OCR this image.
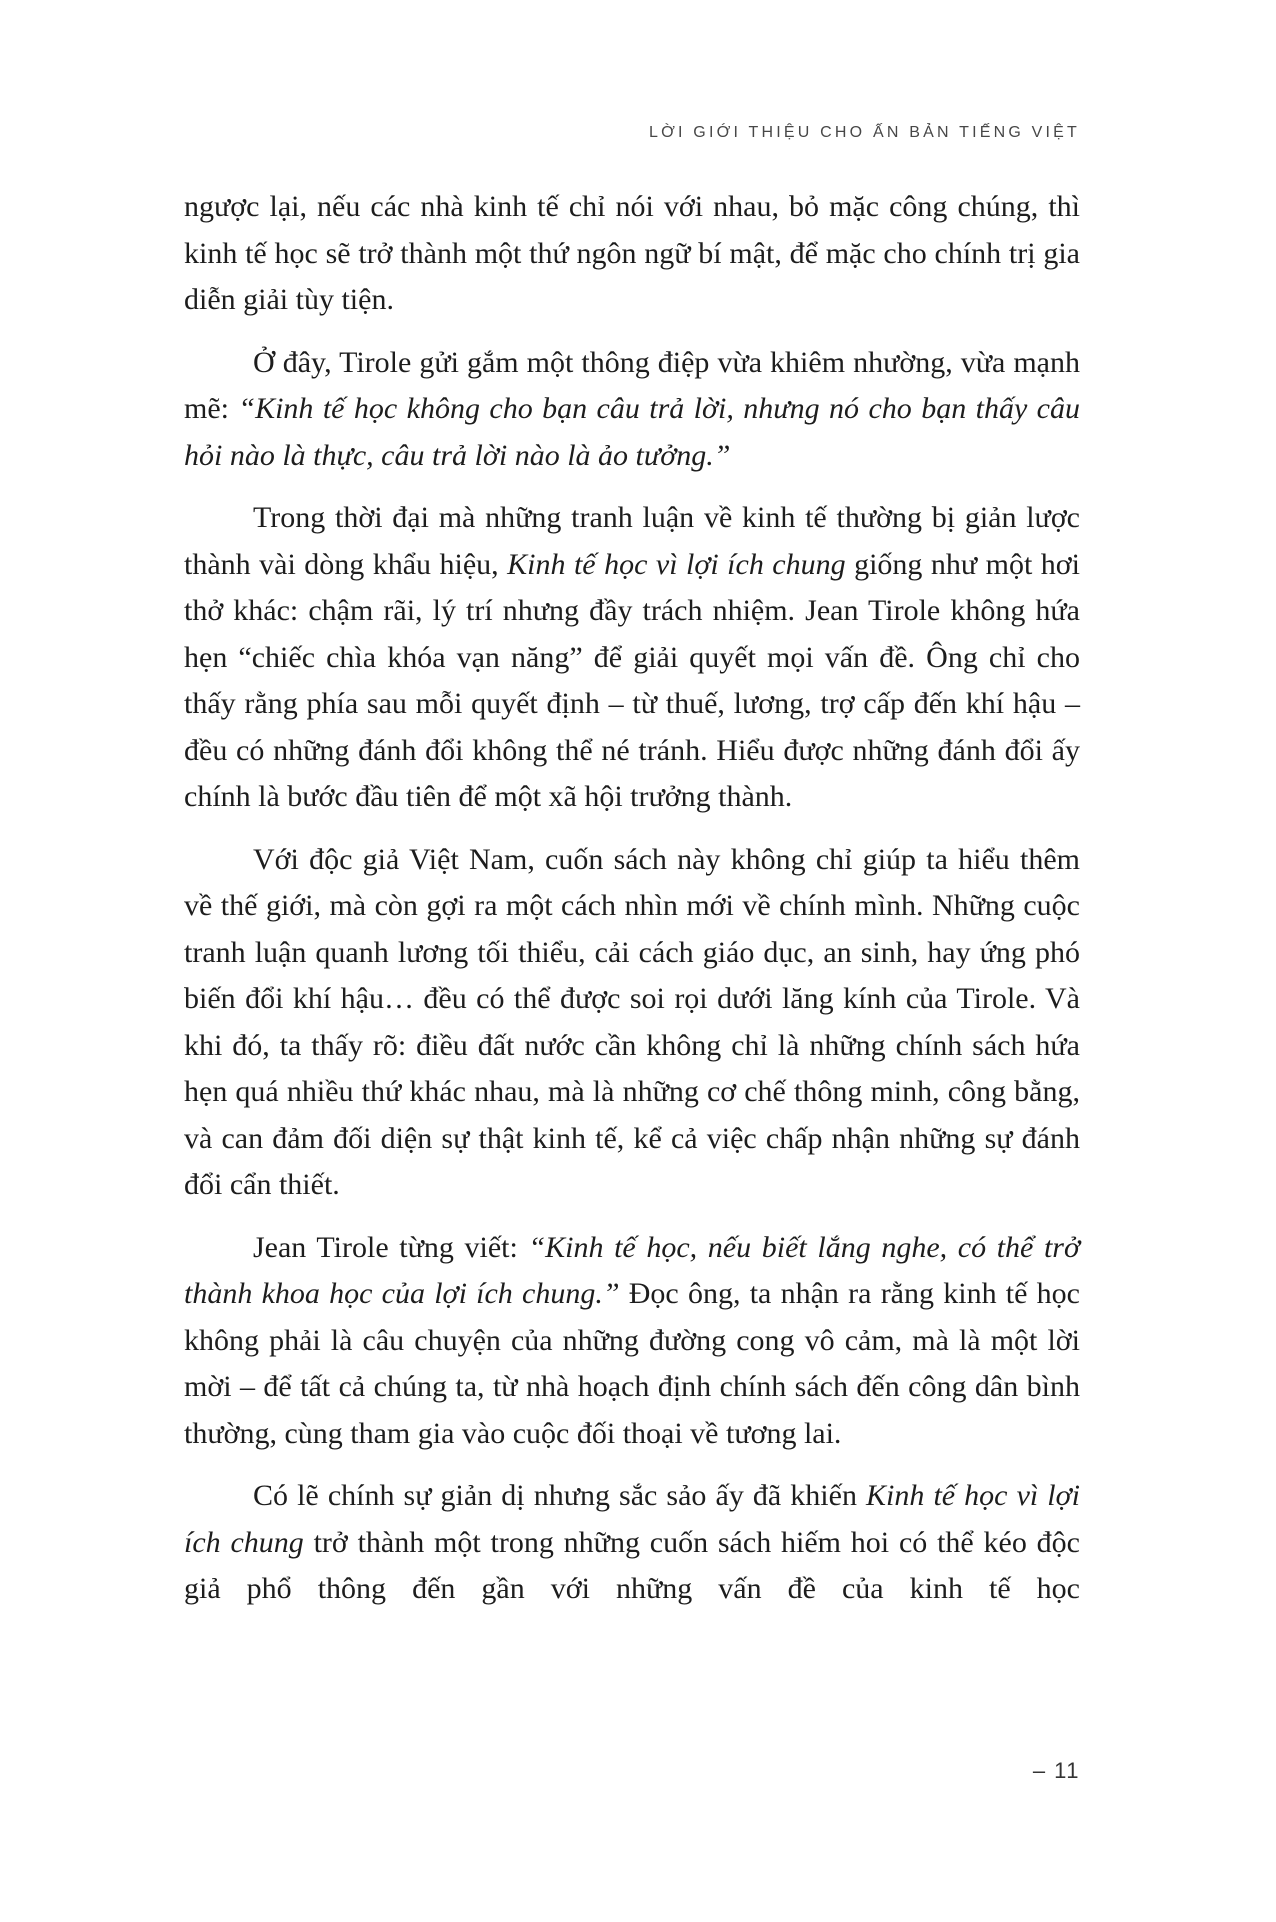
LỜI GIỚI THIỆU CHO ẤN BẢN TIẾNG VIỆT

ngược lại, nếu các nhà kinh tế chỉ nói với nhau, bỏ mặc công chúng, thì kinh tế học sẽ trở thành một thứ ngôn ngữ bí mật, để mặc cho chính trị gia diễn giải tùy tiện.

Ở đây, Tirole gửi gắm một thông điệp vừa khiêm nhường, vừa mạnh mẽ: “Kinh tế học không cho bạn câu trả lời, nhưng nó cho bạn thấy câu hỏi nào là thực, câu trả lời nào là ảo tưởng.”

Trong thời đại mà những tranh luận về kinh tế thường bị giản lược thành vài dòng khẩu hiệu, Kinh tế học vì lợi ích chung giống như một hơi thở khác: chậm rãi, lý trí nhưng đầy trách nhiệm. Jean Tirole không hứa hẹn “chiếc chìa khóa vạn năng” để giải quyết mọi vấn đề. Ông chỉ cho thấy rằng phía sau mỗi quyết định – từ thuế, lương, trợ cấp đến khí hậu – đều có những đánh đổi không thể né tránh. Hiểu được những đánh đổi ấy chính là bước đầu tiên để một xã hội trưởng thành.

Với độc giả Việt Nam, cuốn sách này không chỉ giúp ta hiểu thêm về thế giới, mà còn gợi ra một cách nhìn mới về chính mình. Những cuộc tranh luận quanh lương tối thiểu, cải cách giáo dục, an sinh, hay ứng phó biến đổi khí hậu… đều có thể được soi rọi dưới lăng kính của Tirole. Và khi đó, ta thấy rõ: điều đất nước cần không chỉ là những chính sách hứa hẹn quá nhiều thứ khác nhau, mà là những cơ chế thông minh, công bằng, và can đảm đối diện sự thật kinh tế, kể cả việc chấp nhận những sự đánh đổi cẩn thiết.

Jean Tirole từng viết: “Kinh tế học, nếu biết lắng nghe, có thể trở thành khoa học của lợi ích chung.” Đọc ông, ta nhận ra rằng kinh tế học không phải là câu chuyện của những đường cong vô cảm, mà là một lời mời – để tất cả chúng ta, từ nhà hoạch định chính sách đến công dân bình thường, cùng tham gia vào cuộc đối thoại về tương lai.

Có lẽ chính sự giản dị nhưng sắc sảo ấy đã khiến Kinh tế học vì lợi ích chung trở thành một trong những cuốn sách hiếm hoi có thể kéo độc giả phổ thông đến gần với những vấn đề của kinh tế học

– 11
